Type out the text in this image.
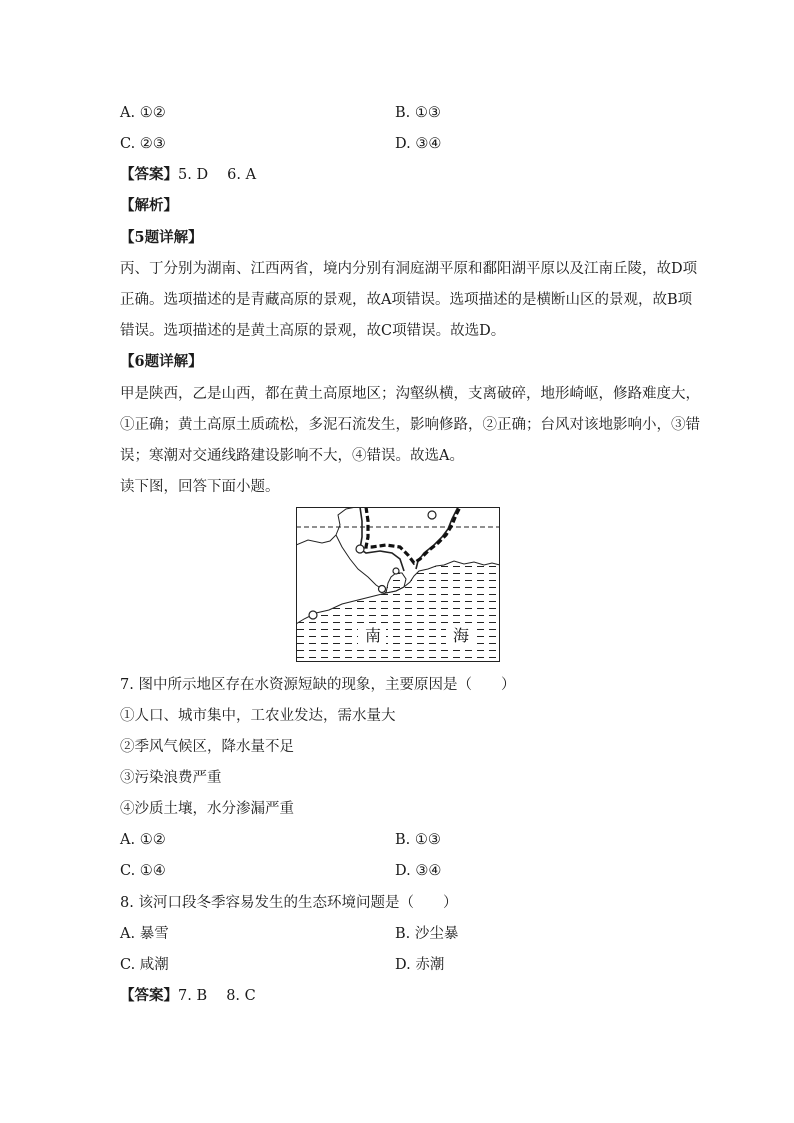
A. ①②	B. ①③
C. ②③	D. ③④
【答案】5. D　 6. A
【解析】
【5题详解】
丙、丁分别为湖南、江西两省，境内分别有洞庭湖平原和鄱阳湖平原以及江南丘陵，故D项
正确。选项描述的是青藏高原的景观，故A项错误。选项描述的是横断山区的景观，故B项
错误。选项描述的是黄土高原的景观，故C项错误。故选D。
【6题详解】
甲是陕西，乙是山西，都在黄土高原地区；沟壑纵横，支离破碎，地形崎岖，修路难度大，
①正确；黄土高原土质疏松，多泥石流发生，影响修路，②正确；台风对该地影响小，③错
误；寒潮对交通线路建设影响不大，④错误。故选A。
读下图，回答下面小题。
南	海
7. 图中所示地区存在水资源短缺的现象，主要原因是（　　）
①人口、城市集中，工农业发达，需水量大
②季风气候区，降水量不足
③污染浪费严重
④沙质土壤，水分渗漏严重
A. ①②	B. ①③
C. ①④	D. ③④
8. 该河口段冬季容易发生的生态环境问题是（　　）
A. 暴雪	B. 沙尘暴
C. 咸潮	D. 赤潮
【答案】7. B　 8. C
